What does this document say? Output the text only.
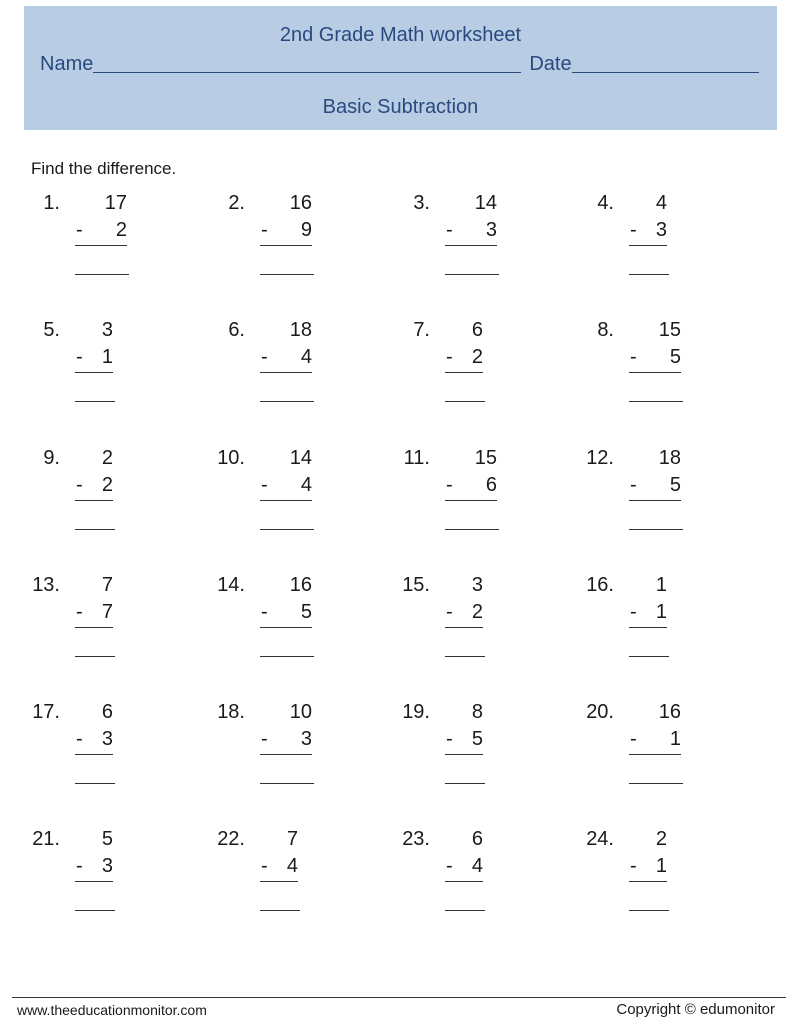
2nd Grade Math worksheet
Name	Date
Basic Subtraction
Find the difference.
1. 17
- 2
2. 16
- 9
3. 14
- 3
4. 4
- 3
5. 3
- 1
6. 18
- 4
7. 6
- 2
8. 15
- 5
9. 2
- 2
10. 14
- 4
11. 15
- 6
12. 18
- 5
13. 7
- 7
14. 16
- 5
15. 3
- 2
16. 1
- 1
17. 6
- 3
18. 10
- 3
19. 8
- 5
20. 16
- 1
21. 5
- 3
22. 7
- 4
23. 6
- 4
24. 2
- 1
www.theeducationmonitor.com	Copyright © edumonitor
